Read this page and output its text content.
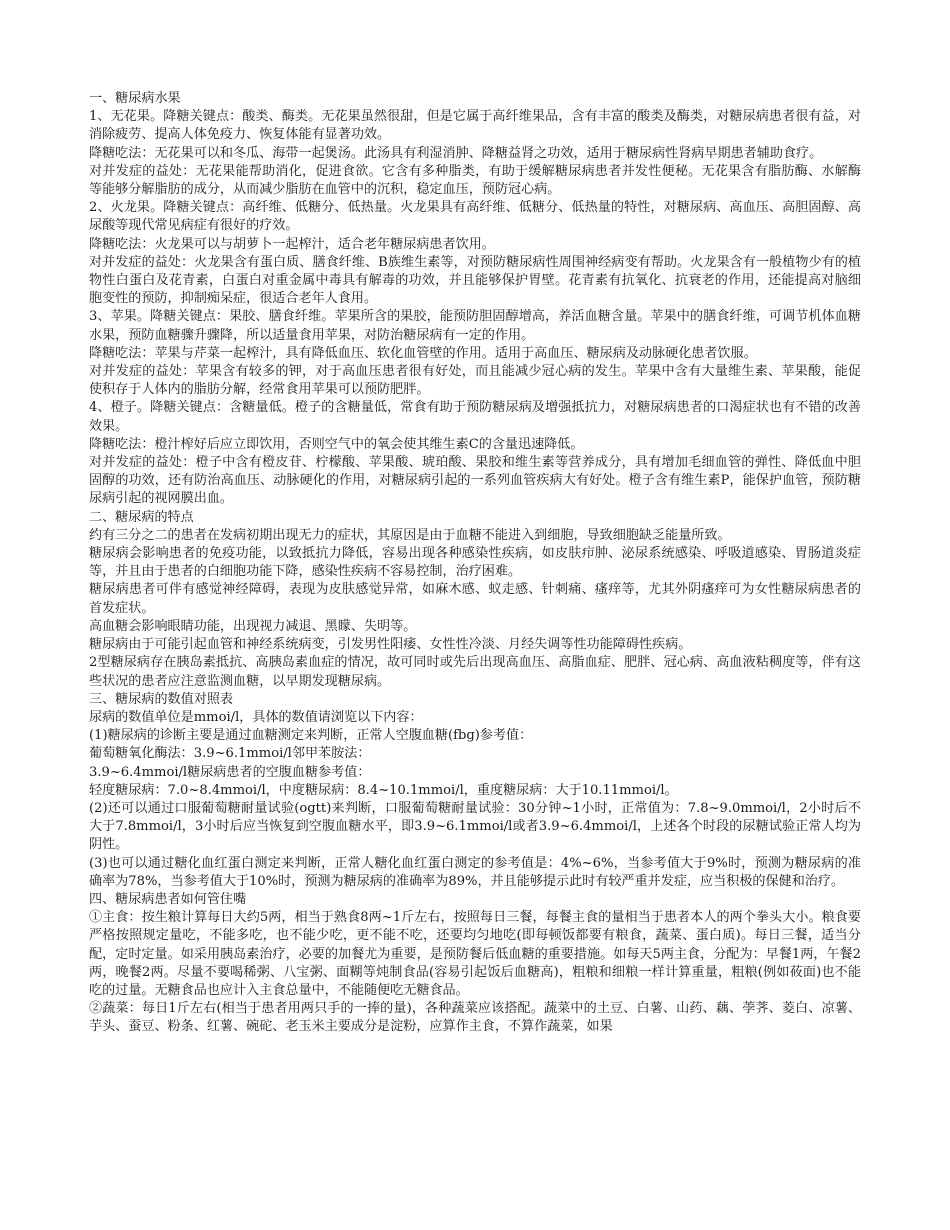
一、糖尿病水果

1、无花果。降糖关键点：酸类、酶类。无花果虽然很甜，但是它属于高纤维果品，含有丰富的酸类及酶类，对糖尿病患者很有益，对消除疲劳、提高人体免疫力、恢复体能有显著功效。

降糖吃法：无花果可以和冬瓜、海带一起煲汤。此汤具有利湿消肿、降糖益肾之功效，适用于糖尿病性肾病早期患者辅助食疗。

对并发症的益处：无花果能帮助消化，促进食欲。它含有多种脂类，有助于缓解糖尿病患者并发性便秘。无花果含有脂肪酶、水解酶等能够分解脂肪的成分，从而减少脂肪在血管中的沉积，稳定血压，预防冠心病。

2、火龙果。降糖关键点：高纤维、低糖分、低热量。火龙果具有高纤维、低糖分、低热量的特性，对糖尿病、高血压、高胆固醇、高尿酸等现代常见病症有很好的疗效。

降糖吃法：火龙果可以与胡萝卜一起榨汁，适合老年糖尿病患者饮用。

对并发症的益处：火龙果含有蛋白质、膳食纤维、B族维生素等，对预防糖尿病性周围神经病变有帮助。火龙果含有一般植物少有的植物性白蛋白及花青素，白蛋白对重金属中毒具有解毒的功效，并且能够保护胃壁。花青素有抗氧化、抗衰老的作用，还能提高对脑细胞变性的预防，抑制痴呆症，很适合老年人食用。

3、苹果。降糖关键点：果胶、膳食纤维。苹果所含的果胶，能预防胆固醇增高，养活血糖含量。苹果中的膳食纤维，可调节机体血糖水果，预防血糖骤升骤降，所以适量食用苹果，对防治糖尿病有一定的作用。

降糖吃法：苹果与芹菜一起榨汁，具有降低血压、软化血管壁的作用。适用于高血压、糖尿病及动脉硬化患者饮服。

对并发症的益处：苹果含有较多的钾，对于高血压患者很有好处，而且能减少冠心病的发生。苹果中含有大量维生素、苹果酸，能促使积存于人体内的脂肪分解，经常食用苹果可以预防肥胖。

4、橙子。降糖关键点：含糖量低。橙子的含糖量低，常食有助于预防糖尿病及增强抵抗力，对糖尿病患者的口渴症状也有不错的改善效果。

降糖吃法：橙汁榨好后应立即饮用，否则空气中的氧会使其维生素C的含量迅速降低。

对并发症的益处：橙子中含有橙皮苷、柠檬酸、苹果酸、琥珀酸、果胶和维生素等营养成分，具有增加毛细血管的弹性、降低血中胆固醇的功效，还有防治高血压、动脉硬化的作用，对糖尿病引起的一系列血管疾病大有好处。橙子含有维生素P，能保护血管，预防糖尿病引起的视网膜出血。

二、糖尿病的特点

约有三分之二的患者在发病初期出现无力的症状，其原因是由于血糖不能进入到细胞，导致细胞缺乏能量所致。

糖尿病会影响患者的免疫功能，以致抵抗力降低，容易出现各种感染性疾病，如皮肤疖肿、泌尿系统感染、呼吸道感染、胃肠道炎症等，并且由于患者的白细胞功能下降，感染性疾病不容易控制，治疗困难。

糖尿病患者可伴有感觉神经障碍，表现为皮肤感觉异常，如麻木感、蚁走感、针刺痛、瘙痒等，尤其外阴瘙痒可为女性糖尿病患者的首发症状。

高血糖会影响眼睛功能，出现视力减退、黑矇、失明等。

糖尿病由于可能引起血管和神经系统病变，引发男性阳痿、女性性冷淡、月经失调等性功能障碍性疾病。

2型糖尿病存在胰岛素抵抗、高胰岛素血症的情况，故可同时或先后出现高血压、高脂血症、肥胖、冠心病、高血液粘稠度等，伴有这些状况的患者应注意监测血糖，以早期发现糖尿病。

三、糖尿病的数值对照表

尿病的数值单位是mmoi/l，具体的数值请浏览以下内容：

(1)糖尿病的诊断主要是通过血糖测定来判断，正常人空腹血糖(fbg)参考值：

葡萄糖氧化酶法：3.9~6.1mmoi/l邻甲苯胺法：

3.9~6.4mmoi/l糖尿病患者的空腹血糖参考值：

轻度糖尿病：7.0~8.4mmoi/l，中度糖尿病：8.4~10.1mmoi/l，重度糖尿病：大于10.11mmoi/l。

(2)还可以通过口服葡萄糖耐量试验(ogtt)来判断，口服葡萄糖耐量试验：30分钟~1小时，正常值为：7.8~9.0mmoi/l，2小时后不大于7.8mmoi/l，3小时后应当恢复到空腹血糖水平，即3.9~6.1mmoi/l或者3.9~6.4mmoi/l，上述各个时段的尿糖试验正常人均为阴性。

(3)也可以通过糖化血红蛋白测定来判断，正常人糖化血红蛋白测定的参考值是：4%~6%，当参考值大于9%时，预测为糖尿病的准确率为78%，当参考值大于10%时，预测为糖尿病的准确率为89%，并且能够提示此时有较严重并发症，应当积极的保健和治疗。

四、糖尿病患者如何管住嘴

①主食：按生粮计算每日大约5两，相当于熟食8两~1斤左右，按照每日三餐，每餐主食的量相当于患者本人的两个拳头大小。粮食要严格按照规定量吃，不能多吃，也不能少吃，更不能不吃，还要均匀地吃(即每顿饭都要有粮食，蔬菜、蛋白质)。每日三餐，适当分配，定时定量。如采用胰岛素治疗，必要的加餐尤为重要，是预防餐后低血糖的重要措施。如每天5两主食，分配为：早餐1两，午餐2两，晚餐2两。尽量不要喝稀粥、八宝粥、面糊等炖制食品(容易引起饭后血糖高)，粗粮和细粮一样计算重量，粗粮(例如莜面)也不能吃的过量。无糖食品也应计入主食总量中，不能随便吃无糖食品。

②蔬菜：每日1斤左右(相当于患者用两只手的一捧的量)，各种蔬菜应该搭配。蔬菜中的土豆、白薯、山药、藕、荸荠、菱白、凉薯、芋头、蚕豆、粉条、红薯、碗砣、老玉米主要成分是淀粉，应算作主食，不算作蔬菜，如果
